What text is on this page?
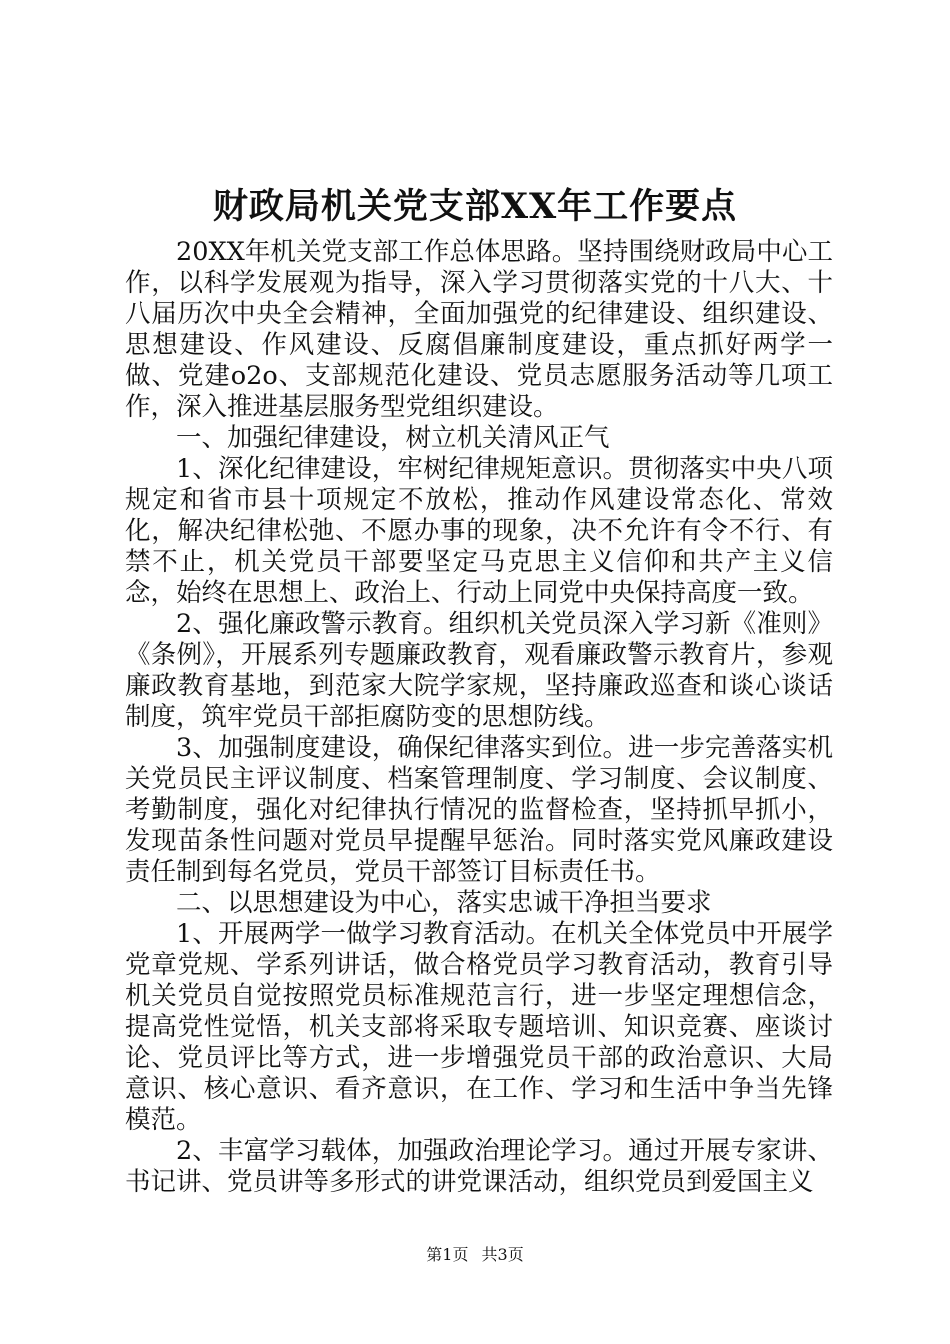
财政局机关党支部XX年工作要点

20XX年机关党支部工作总体思路。坚持围绕财政局中心工作，以科学发展观为指导，深入学习贯彻落实党的十八大、十八届历次中央全会精神，全面加强党的纪律建设、组织建设、思想建设、作风建设、反腐倡廉制度建设，重点抓好两学一做、党建o2o、支部规范化建设、党员志愿服务活动等几项工作，深入推进基层服务型党组织建设。

一、加强纪律建设，树立机关清风正气

1、深化纪律建设，牢树纪律规矩意识。贯彻落实中央八项规定和省市县十项规定不放松，推动作风建设常态化、常效化，解决纪律松弛、不愿办事的现象，决不允许有令不行、有禁不止，机关党员干部要坚定马克思主义信仰和共产主义信念，始终在思想上、政治上、行动上同党中央保持高度一致。

2、强化廉政警示教育。组织机关党员深入学习新《准则》《条例》，开展系列专题廉政教育，观看廉政警示教育片，参观廉政教育基地，到范家大院学家规，坚持廉政巡查和谈心谈话制度，筑牢党员干部拒腐防变的思想防线。

3、加强制度建设，确保纪律落实到位。进一步完善落实机关党员民主评议制度、档案管理制度、学习制度、会议制度、考勤制度，强化对纪律执行情况的监督检查，坚持抓早抓小，发现苗条性问题对党员早提醒早惩治。同时落实党风廉政建设责任制到每名党员，党员干部签订目标责任书。

二、以思想建设为中心，落实忠诚干净担当要求

1、开展两学一做学习教育活动。在机关全体党员中开展学党章党规、学系列讲话，做合格党员学习教育活动，教育引导机关党员自觉按照党员标准规范言行，进一步坚定理想信念，提高党性觉悟，机关支部将采取专题培训、知识竞赛、座谈讨论、党员评比等方式，进一步增强党员干部的政治意识、大局意识、核心意识、看齐意识，在工作、学习和生活中争当先锋模范。

2、丰富学习载体，加强政治理论学习。通过开展专家讲、书记讲、党员讲等多形式的讲党课活动，组织党员到爱国主义

第1页 共3页
